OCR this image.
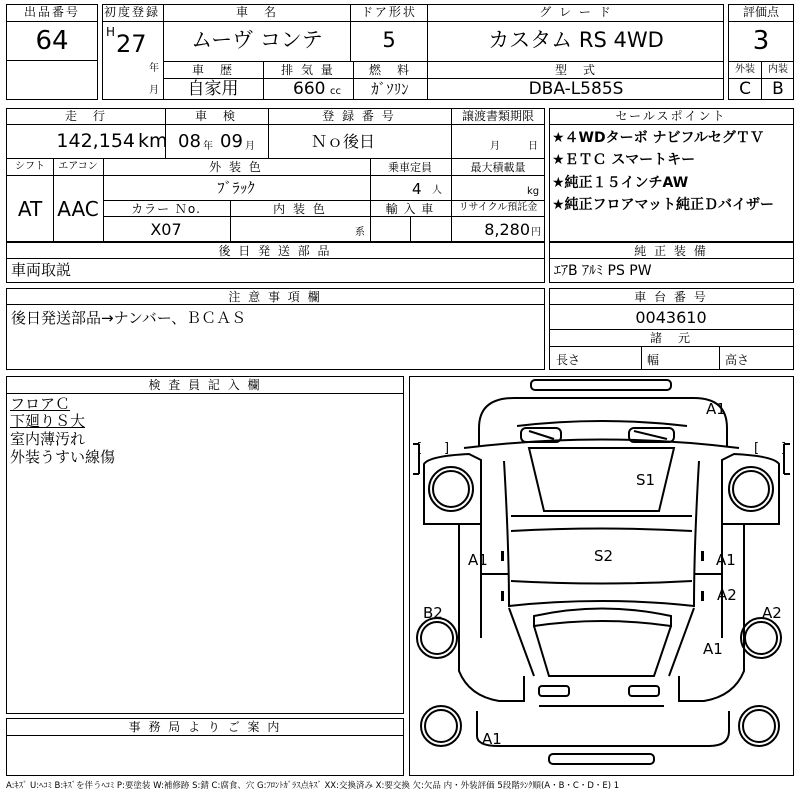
出品番号
64
初度登録
H 27
年
月
車　名
ムーヴ コンテ
ドア形状
5
グ レ ー ド
カスタム RS 4WD
車　歴
自家用
排 気 量
660 cc
燃　料
ｶﾞｿﾘﾝ
型　式
DBA-L585S
評価点
3
外装 内装
C B
走　行
142,154 km
車　検
08 年 09 月
登 録 番 号
Ｎｏ後日
譲渡書類期限
月	日
シフト
AT
エアコン
AAC
外 装 色
ﾌﾞﾗｯｸ
乗車定員
4 人
最大積載量
kg
カラー Ｎo.
X07
内 装 色
系
輸 入 車 リサイクル預託金
8,280 円
セールスポイント
★４WDターボ ナビフルセグＴＶ
★ＥＴＣ スマートキー
★純正１５インチAW
★純正フロアマット純正Ｄバイザー
後 日 発 送 部 品
車両取説
純 正 装 備
ｴｱB ｱﾙﾐ PS PW
注 意 事 項 欄
後日発送部品→ナンバー、ＢＣＡＳ
車 台 番 号
0043610
諸　元
長さ	幅	高さ
検 査 員 記 入 欄
フロアＣ
下廻りＳ大
室内薄汚れ
外装うすい線傷
事 務 局 よ り ご 案 内
[ ]	[ ]
A1
S1
S2
A1	A1
A2
B2	A2
A1
A1
A:ｷｽﾞ U:ﾍｺﾐ B:ｷｽﾞを伴うﾍｺﾐ P:要塗装 W:補修跡 S:錆 C:腐食、穴 G:ﾌﾛﾝﾄｶﾞﾗｽ点ｷｽﾞ XX:交換済み X:要交換 欠:欠品 内・外装評価 5段階ﾗﾝｸ順(A・B・C・D・E) 1
